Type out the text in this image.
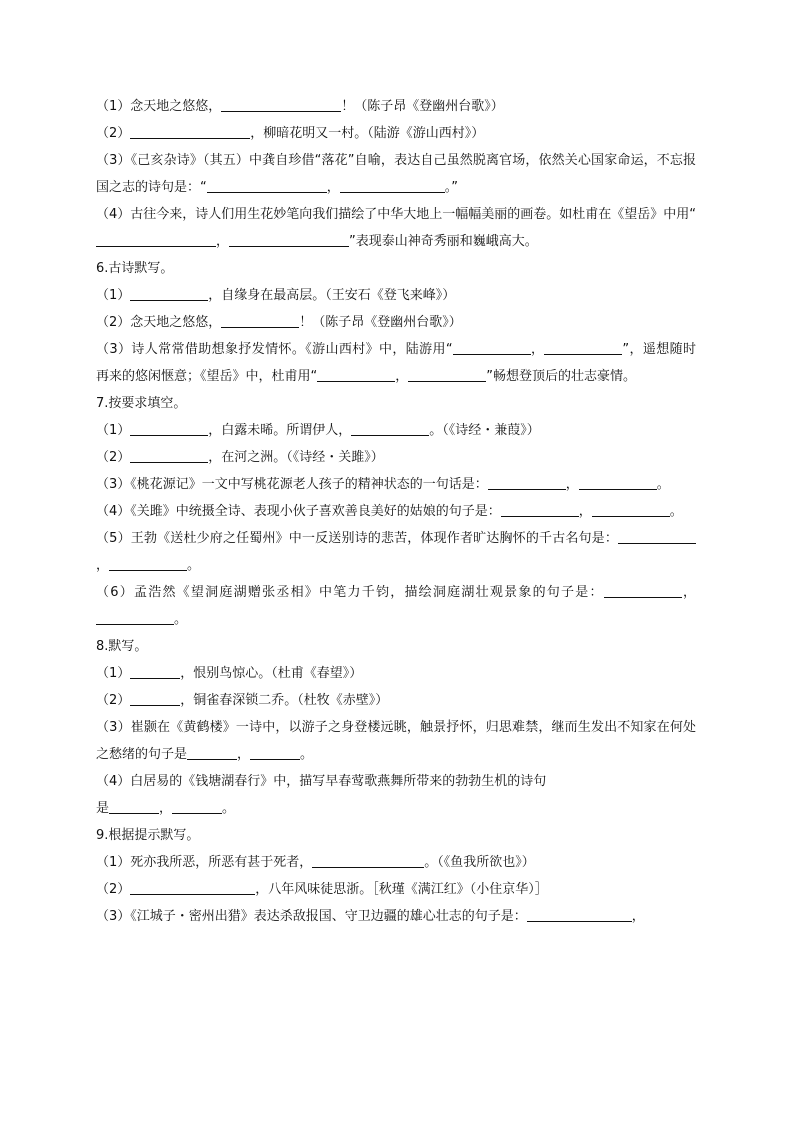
（1）念天地之悠悠，	！（陈子昂《登幽州台歌》）
（2）	，柳暗花明又一村。（陆游《游山西村》）
（3）《己亥杂诗》（其五）中龚自珍借“落花”自喻，表达自己虽然脱离官场，依然关心国家命运，不忘报国之志的诗句是：“	，	。”
（4）古往今来，诗人们用生花妙笔向我们描绘了中华大地上一幅幅美丽的画卷。如杜甫在《望岳》中用“，	”表现泰山神奇秀丽和巍峨高大。
6.古诗默写。
（1）	，自缘身在最高层。（王安石《登飞来峰》）
（2）念天地之悠悠，	！（陈子昂《登幽州台歌》）
（3）诗人常常借助想象抒发情怀。《游山西村》中，陆游用“	，	”，遥想随时再来的悠闲惬意；《望岳》中，杜甫用“	，	”畅想登顶后的壮志豪情。
7.按要求填空。
（1）	，白露未晞。所谓伊人，	。（《诗经・兼葭》）
（2）	，在河之洲。（《诗经・关雎》）
（3）《桃花源记》一文中写桃花源老人孩子的精神状态的一句话是：	，	。
（4）《关雎》中统摄全诗、表现小伙子喜欢善良美好的姑娘的句子是：	，	。
（5）王勃《送杜少府之任蜀州》中一反送别诗的悲苦，体现作者旷达胸怀的千古名句是：，	。
（6）孟浩然《望洞庭湖赠张丞相》中笔力千钧，描绘洞庭湖壮观景象的句子是：	，。
8.默写。
（1）	，恨别鸟惊心。（杜甫《春望》）
（2）	，铜雀春深锁二乔。（杜牧《赤壁》）
（3）崔颢在《黄鹤楼》一诗中，以游子之身登楼远眺，触景抒怀，归思难禁，继而生发出不知家在何处之愁绪的句子是	，	。
（4）白居易的《钱塘湖春行》中，描写早春莺歌燕舞所带来的勃勃生机的诗句
是	，	。
9.根据提示默写。
（1）死亦我所恶，所恶有甚于死者，	。（《鱼我所欲也》）
（2）	，八年风味徒思浙。［秋瑾《满江红》（小住京华）］
（3）《江城子・密州出猎》表达杀敌报国、守卫边疆的雄心壮志的句子是：	，
